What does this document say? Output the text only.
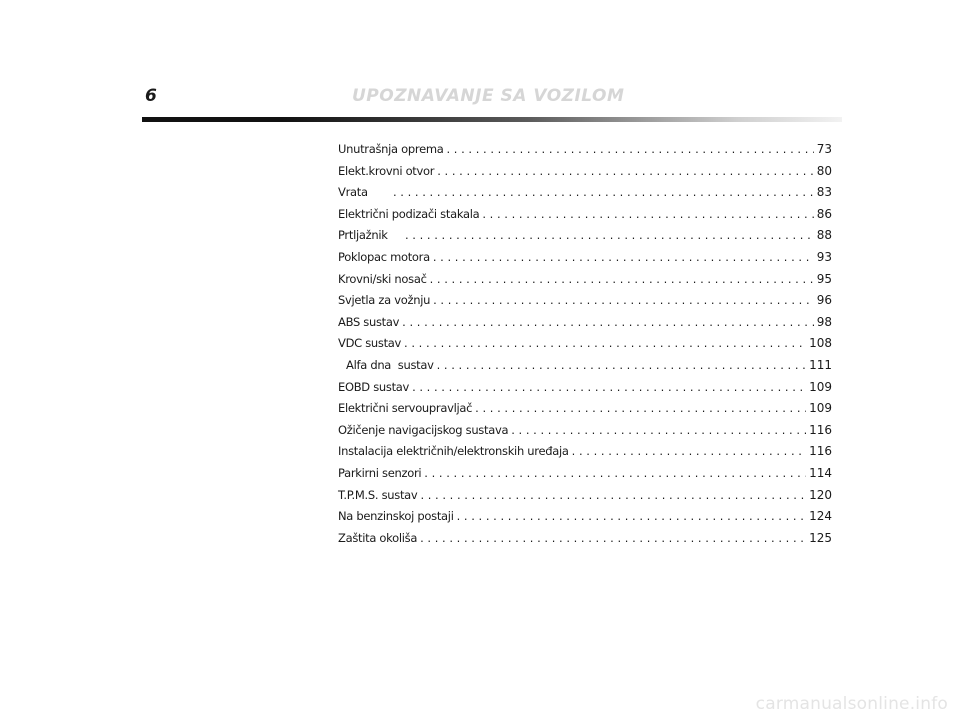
6	UPOZNAVANJE SA VOZILOM
Unutrašnja oprema . . .	73
Elekt.krovni otvor . . .	80
Vrata . . .	83
Električni podizači stakala . . .	86
Prtljažnik . . .	88
Poklopac motora . . .	93
Krovni/ski nosač . . .	95
Svjetla za vožnju . . .	96
ABS sustav . . .	98
VDC sustav . . .	108
Alfa dna  sustav . . .	111
EOBD sustav . . .	109
Električni servoupravljač . . .	109
Ožičenje navigacijskog sustava . . .	116
Instalacija električnih/elektronskih uređaja . . .	116
Parkirni senzori . . .	114
T.P.M.S. sustav . . .	120
Na benzinskoj postaji . . .	124
Zaštita okoliša . . .	125
carmanualsonline.info
